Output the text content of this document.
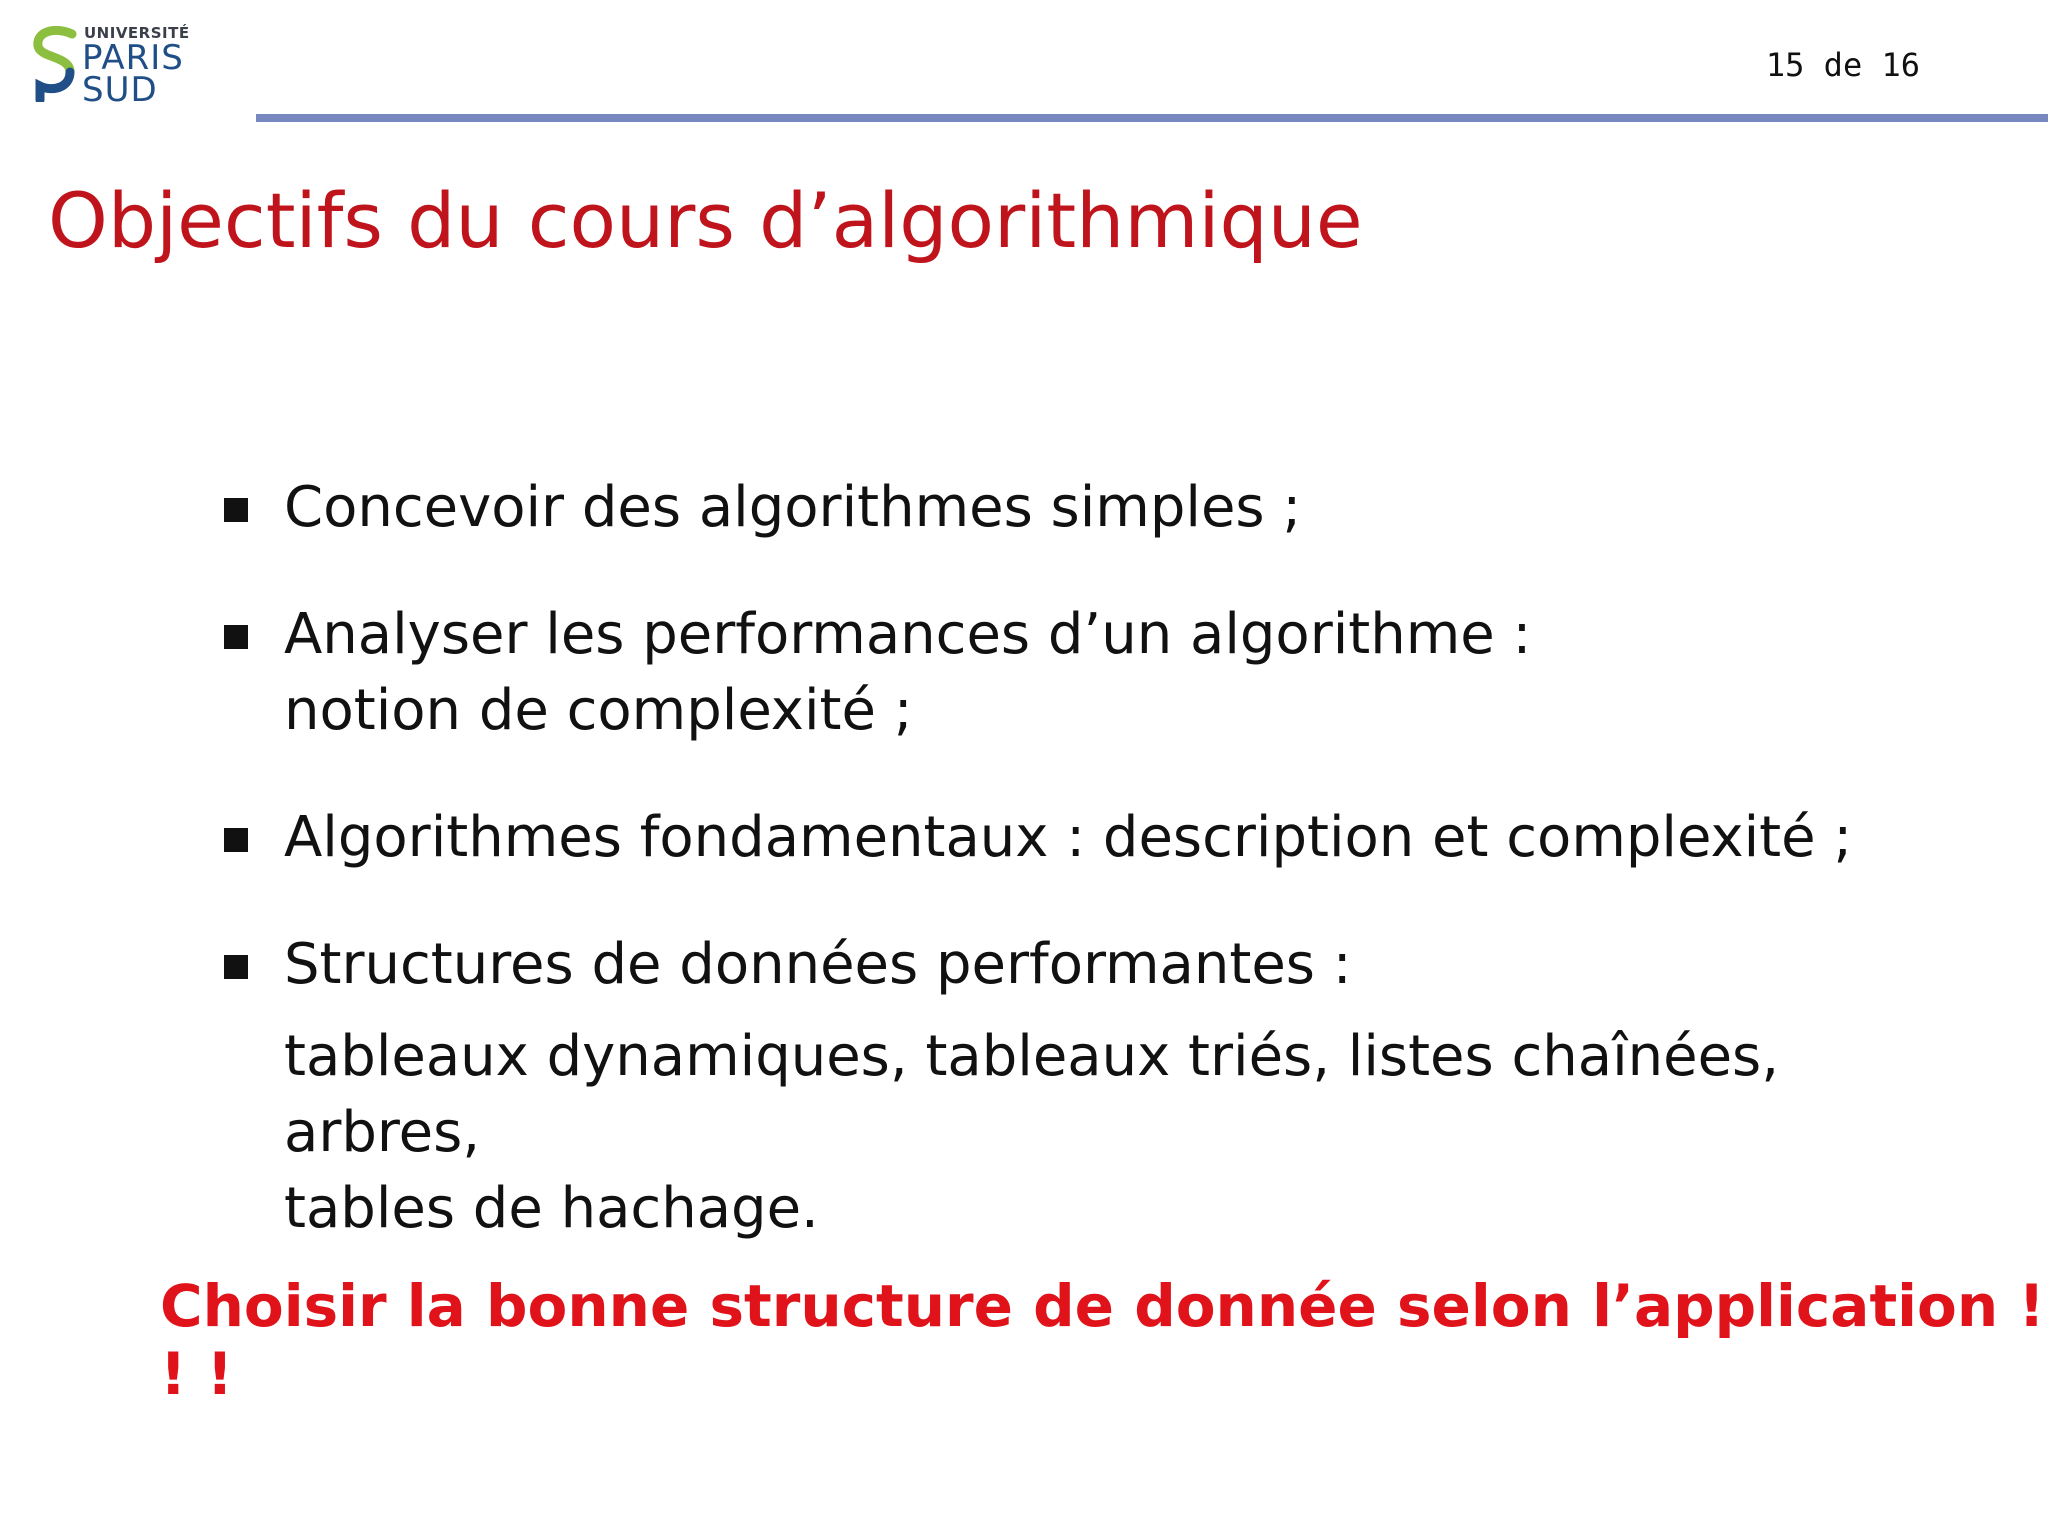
UNIVERSITÉ
PARIS
SUD
15 de 16
Objectifs du cours d’algorithmique
Concevoir des algorithmes simples ;
Analyser les performances d’un algorithme :
notion de complexité ;
Algorithmes fondamentaux : description et complexité ;
Structures de données performantes :
tableaux dynamiques, tableaux triés, listes chaînées, arbres,
tables de hachage.

Choisir la bonne structure de donnée selon l’application ! ! !
